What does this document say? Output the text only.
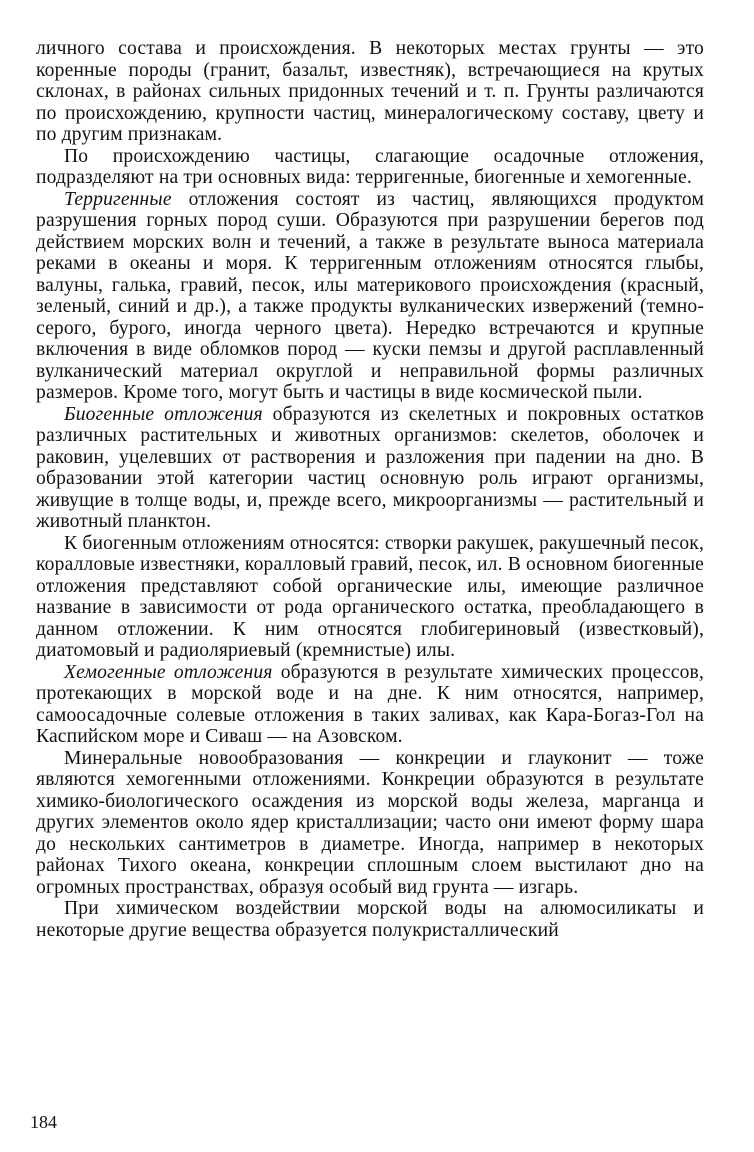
личного состава и происхождения. В некоторых местах грунты — это коренные породы (гранит, базальт, известняк), встречающиеся на крутых склонах, в районах сильных придонных течений и т. п. Грунты различаются по происхождению, крупности частиц, минералогическому составу, цвету и по другим признакам.

По происхождению частицы, слагающие осадочные отложения, подразделяют на три основных вида: терригенные, биогенные и хемогенные.

Терригенные отложения состоят из частиц, являющихся продуктом разрушения горных пород суши. Образуются при разрушении берегов под действием морских волн и течений, а также в результате выноса материала реками в океаны и моря. К терригенным отложениям относятся глыбы, валуны, галька, гравий, песок, илы материкового происхождения (красный, зеленый, синий и др.), а также продукты вулканических извержений (темно-серого, бурого, иногда черного цвета). Нередко встречаются и крупные включения в виде обломков пород — куски пемзы и другой расплавленный вулканический материал округлой и неправильной формы различных размеров. Кроме того, могут быть и частицы в виде космической пыли.

Биогенные отложения образуются из скелетных и покровных остатков различных растительных и животных организмов: скелетов, оболочек и раковин, уцелевших от растворения и разложения при падении на дно. В образовании этой категории частиц основную роль играют организмы, живущие в толще воды, и, прежде всего, микроорганизмы — растительный и животный планктон.

К биогенным отложениям относятся: створки ракушек, ракушечный песок, коралловые известняки, коралловый гравий, песок, ил. В основном биогенные отложения представляют собой органические илы, имеющие различное название в зависимости от рода органического остатка, преобладающего в данном отложении. К ним относятся глобигериновый (известковый), диатомовый и радиоляриевый (кремнистые) илы.

Хемогенные отложения образуются в результате химических процессов, протекающих в морской воде и на дне. К ним относятся, например, самоосадочные солевые отложения в таких заливах, как Кара-Богаз-Гол на Каспийском море и Сиваш — на Азовском.

Минеральные новообразования — конкреции и глауконит — тоже являются хемогенными отложениями. Конкреции образуются в результате химико-биологического осаждения из морской воды железа, марганца и других элементов около ядер кристаллизации; часто они имеют форму шара до нескольких сантиметров в диаметре. Иногда, например в некоторых районах Тихого океана, конкреции сплошным слоем выстилают дно на огромных пространствах, образуя особый вид грунта — изгарь.

При химическом воздействии морской воды на алюмосиликаты и некоторые другие вещества образуется полукристаллический

184
